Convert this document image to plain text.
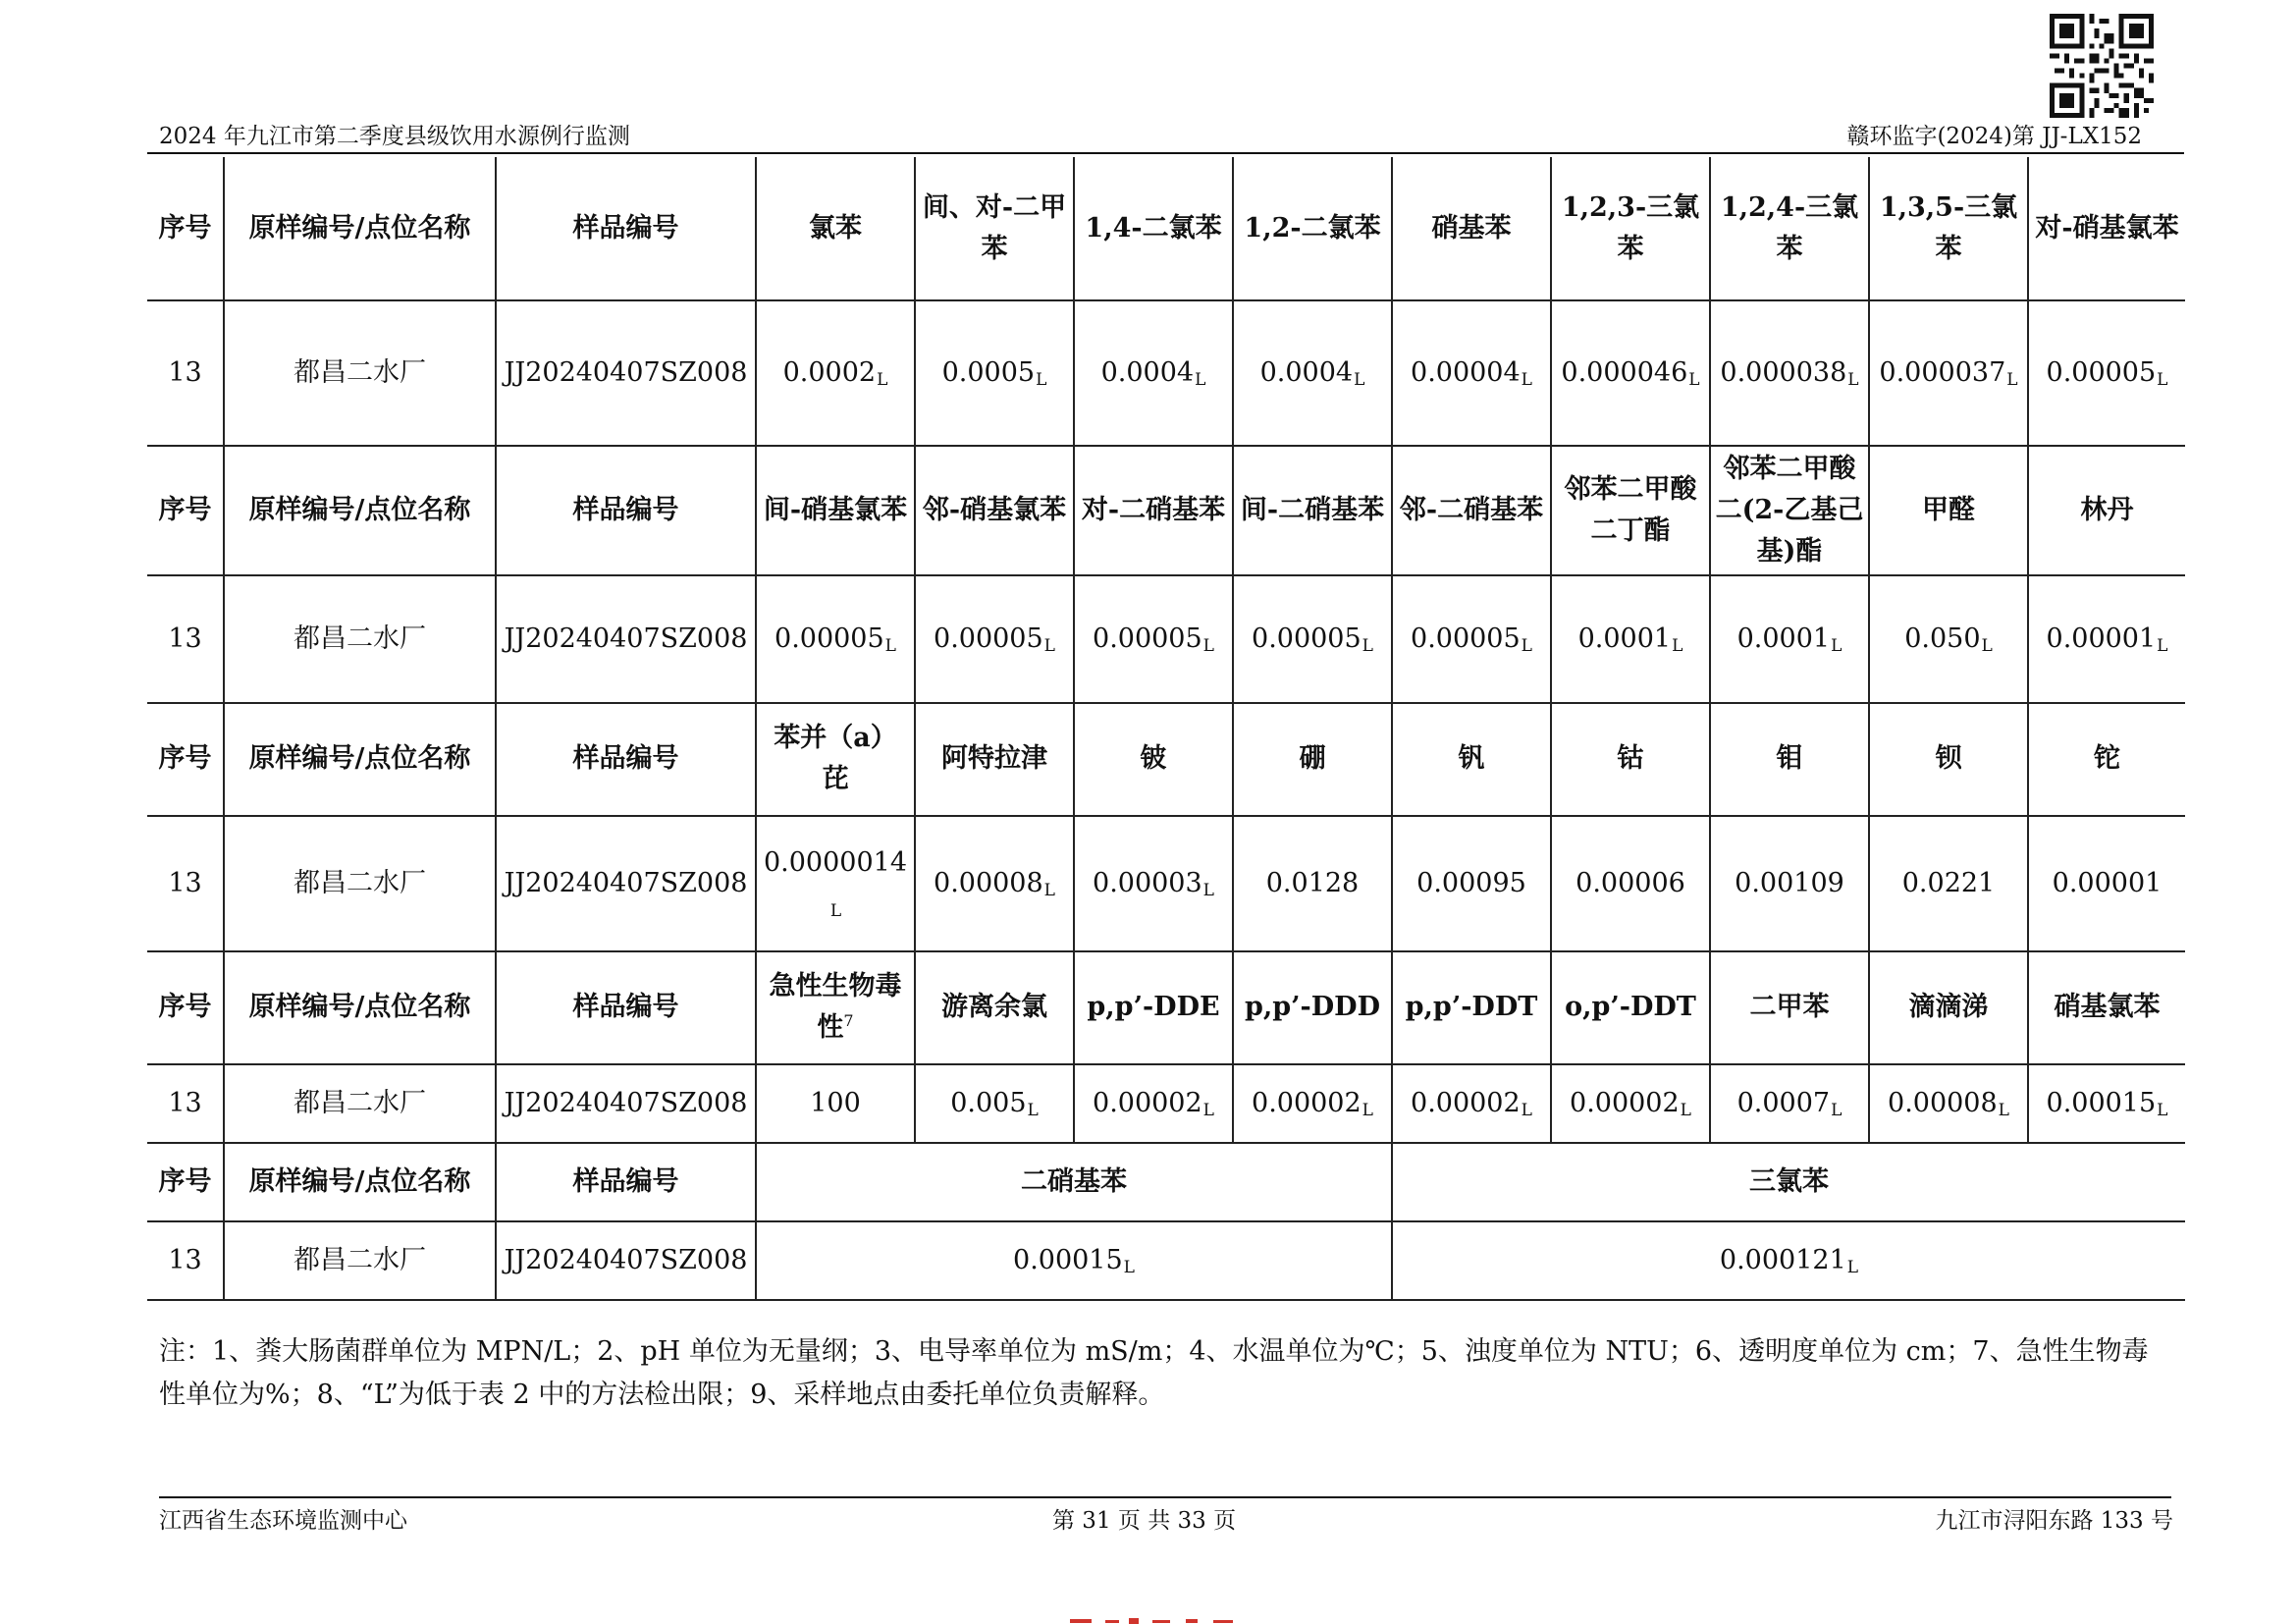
2024 年九江市第二季度县级饮用水源例行监测	赣环监字(2024)第 JJ-LX152
序号	原样编号/点位名称	样品编号	氯苯	间、对-二甲苯	1,4-二氯苯	1,2-二氯苯	硝基苯	1,2,3-三氯苯	1,2,4-三氯苯	1,3,5-三氯苯	对-硝基氯苯
13	都昌二水厂	JJ20240407SZ008	0.0002L	0.0005L	0.0004L	0.0004L	0.00004L	0.000046L	0.000038L	0.000037L	0.00005L
序号	原样编号/点位名称	样品编号	间-硝基氯苯	邻-硝基氯苯	对-二硝基苯	间-二硝基苯	邻-二硝基苯	邻苯二甲酸二丁酯	邻苯二甲酸二(2-乙基己基)酯	甲醛	林丹
13	都昌二水厂	JJ20240407SZ008	0.00005L	0.00005L	0.00005L	0.00005L	0.00005L	0.0001L	0.0001L	0.050L	0.00001L
序号	原样编号/点位名称	样品编号	苯并（a）芘	阿特拉津	铍	硼	钒	钴	钼	钡	铊
13	都昌二水厂	JJ20240407SZ008	0.0000014L	0.00008L	0.00003L	0.0128	0.00095	0.00006	0.00109	0.0221	0.00001
序号	原样编号/点位名称	样品编号	急性生物毒性$^7$	游离余氯	p,p’-DDE	p,p’-DDD	p,p’-DDT	o,p’-DDT	二甲苯	滴滴涕	硝基氯苯
13	都昌二水厂	JJ20240407SZ008	100	0.005L	0.00002L	0.00002L	0.00002L	0.00002L	0.0007L	0.00008L	0.00015L
序号	原样编号/点位名称	样品编号	二硝基苯				三氯苯				
13	都昌二水厂	JJ20240407SZ008	0.00015L				0.000121L				
注：1、粪大肠菌群单位为 MPN/L；2、pH 单位为无量纲；3、电导率单位为 mS/m；4、水温单位为℃；5、浊度单位为 NTU；6、透明度单位为 cm；7、急性生物毒性单位为%；8、“L”为低于表 2 中的方法检出限；9、采样地点由委托单位负责解释。
江西省生态环境监测中心	第 31 页 共 33 页	九江市浔阳东路 133 号
